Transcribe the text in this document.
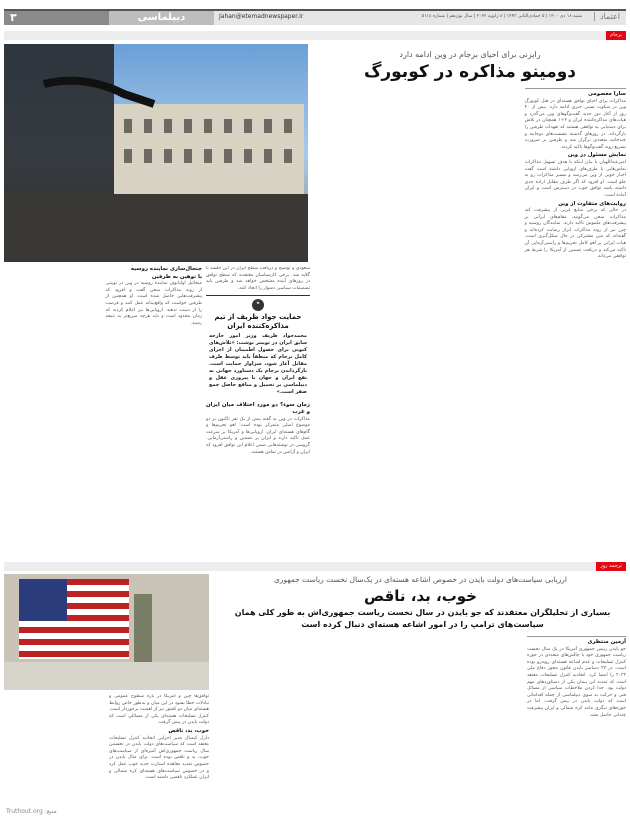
۳	دیپلماسی	Jahan@etemadnewspaper.ir	شنبه ۱۸ دی ۱۴۰۰ | ۵ جمادی‌الثانی ۱۴۴۳ | ۸ ژانویه ۲۰۲۲ | سال نوزدهم | شماره ۵۱۱۸	اعتماد
برجام
رایزنی برای احیای برجام در وین ادامه دارد
دومینو مذاکره در کوبورگ

سارا معصومی

مذاکرات برای احیای توافق هسته‌ای در هتل کوبورگ وین در سکوت نسبی خبری ادامه دارد. بیش از ۴۰ روز از آغاز دور جدید گفت‌وگوهای وین می‌گذرد و هیات‌های مذاکره‌کننده ایران و ۴+۱ همچنان در تلاش برای دستیابی به توافقی هستند که تعهدات طرفین را بازگرداند. در روزهای گذشته نشست‌های دوجانبه و چندجانبه متعددی برگزار شد و طرفین بر ضرورت تسریع روند گفت‌وگوها تاکید کردند.

نمایش مسئول در وین

امیرعبداللهیان با بیان اینکه با هدف تسهیل مذاکرات تماس‌هایی با طرف‌های اروپایی داشته است گفت اخبار خوبی از وین می‌رسد و مسیر مذاکرات رو به جلو است. او افزود که اگر طرف مقابل اراده جدی داشته باشد توافق خوب در دسترس است و ایران آماده است.

روایت‌های متفاوت از وین

در حالی که برخی منابع غربی از پیشرفت کند مذاکرات سخن می‌گویند، مقام‌های ایرانی بر پیشرفت‌های ملموس تاکید دارند. نمایندگان روسیه و چین نیز از روند مذاکرات ابراز رضایت کرده‌اند و گفته‌اند که متن مشترکی در حال شکل‌گیری است. هیات ایرانی بر لغو کامل تحریم‌ها و راستی‌آزمایی آن تاکید می‌کند و دریافت تضمین از آمریکا را شرط هر توافقی می‌داند.

سعودی و توضیح و دریافت سطح ایران در این جلسه با گلایه شد. برخی کارشناسان معتقدند که سطح توافق در روزهای آینده مشخص خواهد شد و طرفین باید تصمیمات سیاسی دشوار را اتخاذ کنند.

❝
حمایت جواد ظریف از تیم مذاکره‌کننده ایران

محمدجواد ظریف وزیر امور خارجه سابق ایران در توییتر نوشت: «تلاش‌های کنونی برای حصول اطمینان از اجرای کامل برجام که منطقاً باید توسط طرف مقابل آغاز شود، سزاوار حمایت است. بازگرداندن برجام یک دستاورد جهانی به نفع ایران و جهان با پیروزی عقل و دیپلماسی بر تحمیل و منافع حاصل جمع صفر است.»

زمان سوء؟ دو مورد اختلاف میان ایران و غرب

مذاکرات در وین به گفته بیش از یک نفر تاکنون بر دو موضوع اصلی متمرکز بوده است: لغو تحریم‌ها و گام‌های هسته‌ای ایران. اروپایی‌ها و آمریکا بر سرعت عمل تاکید دارند و ایران بر تضمین و راستی‌آزمایی. گروسی در نوشته‌هایی ضمن اعلام این توافق افزود که ایران و آژانس در تماس هستند.

جنجال‌سازی نماینده روسیه

با توهین به طرفین

میخائیل اولیانوف نماینده روسیه در وین در توییتی از روند مذاکرات سخن گفت و افزود که پیشرفت‌هایی حاصل شده است. او همچنین از طرفین خواست که واقع‌بینانه عمل کنند و فرصت را از دست ندهند. اروپایی‌ها نیز اعلام کردند که زمان محدود است و باید هرچه سریع‌تر به نتیجه رسید.

ترجمه روز
ارزیابی سیاست‌های دولت بایدن در خصوص اشاعه هسته‌ای در یک‌سال نخست ریاست جمهوری
خوب، بد، ناقص
بسیاری از تحلیلگران معتقدند که جو بایدن در سال نخست ریاست جمهوری‌اش به طور کلی همان سیاست‌های ترامپ را در امور اشاعه هسته‌ای دنبال کرده است

آرمین منتظری

جو بایدن رییس جمهوری آمریکا در یک سال نخست ریاست جمهوری خود با چالش‌های متعددی در حوزه کنترل تسلیحات و عدم اشاعه هسته‌ای روبه‌رو بوده است. در ۲۷ دسامبر بایدن قانون مجوز دفاع ملی ۲۰۲۲ را امضا کرد. اتحادیه کنترل تسلیحات معتقد است که تمدید این پیمان یکی از دستاوردهای مهم دولت بود. جدا کردن ملاحظات سیاسی از مسائل فنی و حرکت به سوی دیپلماسی از جمله اقداماتی است که دولت بایدن در پیش گرفت. اما در حوزه‌های دیگری مانند کره شمالی و ایران پیشرفت چندانی حاصل نشد.

توافق‌ها چین و آمریکا در باره سطوح عمومی و تبادلات خطا بشود در این میان و به‌طور خاص روابط هسته‌ای میان دو کشور نیز از اهمیت برخوردار است. کنترل تسلیحات هسته‌ای یکی از مسائلی است که دولت بایدن در پیش گرفت.

خوب، بد، ناقص

دارل کیمبال مدیر اجرایی اتحادیه کنترل تسلیحات معتقد است که سیاست‌های دولت بایدن در نخستین سال ریاست جمهوری‌اش آمیزه‌ای از سیاست‌های خوب، بد و ناقص بوده است. برای مثال بایدن در خصوص تمدید معاهده استارت جدید خوب عمل کرد و در خصوص سیاست‌های هسته‌ای کره شمالی و ایران عملکرد ناقصی داشته است.

منبع: Truthout.org
